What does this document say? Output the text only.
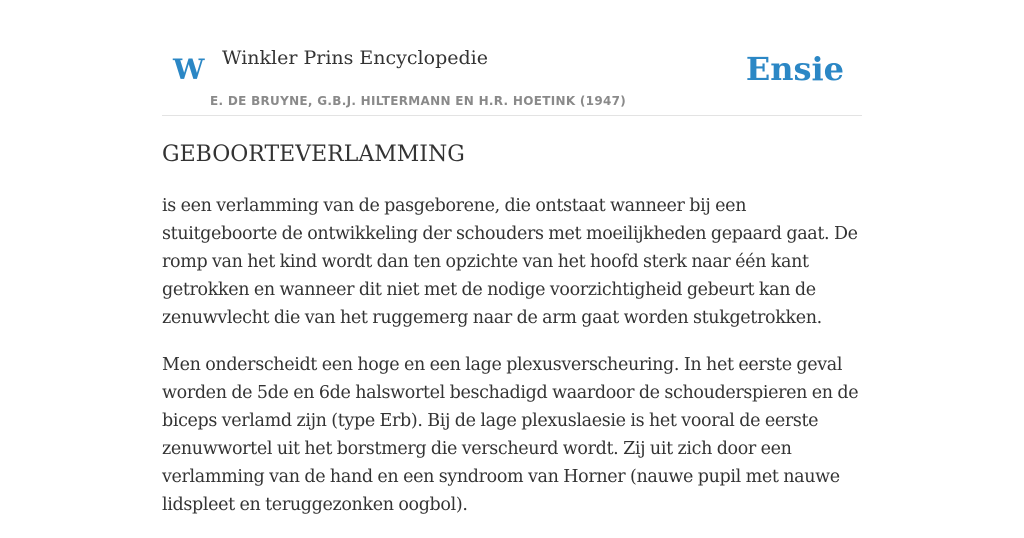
W Winkler Prins Encyclopedie
E. DE BRUYNE, G.B.J. HILTERMANN EN H.R. HOETINK (1947)
Ensie
GEBOORTEVERLAMMING

is een verlamming van de pasgeborene, die ontstaat wanneer bij een stuitgeboorte de ontwikkeling der schouders met moeilijkheden gepaard gaat. De romp van het kind wordt dan ten opzichte van het hoofd sterk naar één kant getrokken en wanneer dit niet met de nodige voorzichtigheid gebeurt kan de zenuwvlecht die van het ruggemerg naar de arm gaat worden stukgetrokken.

Men onderscheidt een hoge en een lage plexusverscheuring. In het eerste geval worden de 5de en 6de halswortel beschadigd waardoor de schouderspieren en de biceps verlamd zijn (type Erb). Bij de lage plexuslaesie is het vooral de eerste zenuwwortel uit het borstmerg die verscheurd wordt. Zij uit zich door een verlamming van de hand en een syndroom van Horner (nauwe pupil met nauwe lidspleet en teruggezonken oogbol).
